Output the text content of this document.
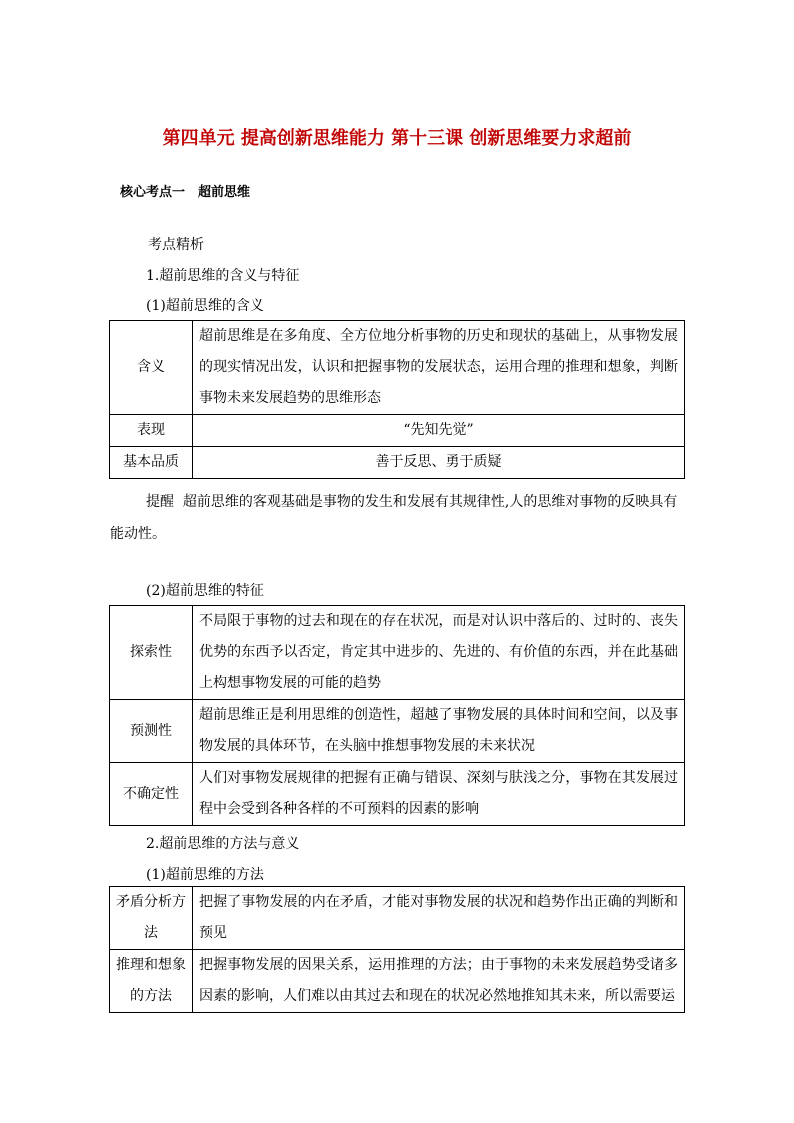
第四单元 提高创新思维能力 第十三课 创新思维要力求超前
核心考点一　超前思维
考点精析
1.超前思维的含义与特征
(1)超前思维的含义
含义	超前思维是在多角度、全方位地分析事物的历史和现状的基础上，从事物发展的现实情况出发，认识和把握事物的发展状态，运用合理的推理和想象，判断事物未来发展趋势的思维形态
表现	“先知先觉”
基本品质	善于反思、勇于质疑
提醒 超前思维的客观基础是事物的发生和发展有其规律性,人的思维对事物的反映具有能动性。
(2)超前思维的特征
探索性	不局限于事物的过去和现在的存在状况，而是对认识中落后的、过时的、丧失优势的东西予以否定，肯定其中进步的、先进的、有价值的东西，并在此基础上构想事物发展的可能的趋势
预测性	超前思维正是利用思维的创造性，超越了事物发展的具体时间和空间，以及事物发展的具体环节，在头脑中推想事物发展的未来状况
不确定性	人们对事物发展规律的把握有正确与错误、深刻与肤浅之分，事物在其发展过程中会受到各种各样的不可预料的因素的影响
2.超前思维的方法与意义
(1)超前思维的方法
矛盾分析方法	把握了事物发展的内在矛盾，才能对事物发展的状况和趋势作出正确的判断和预见
推理和想象的方法	把握事物发展的因果关系，运用推理的方法；由于事物的未来发展趋势受诸多因素的影响，人们难以由其过去和现在的状况必然地推知其未来，所以需要运
